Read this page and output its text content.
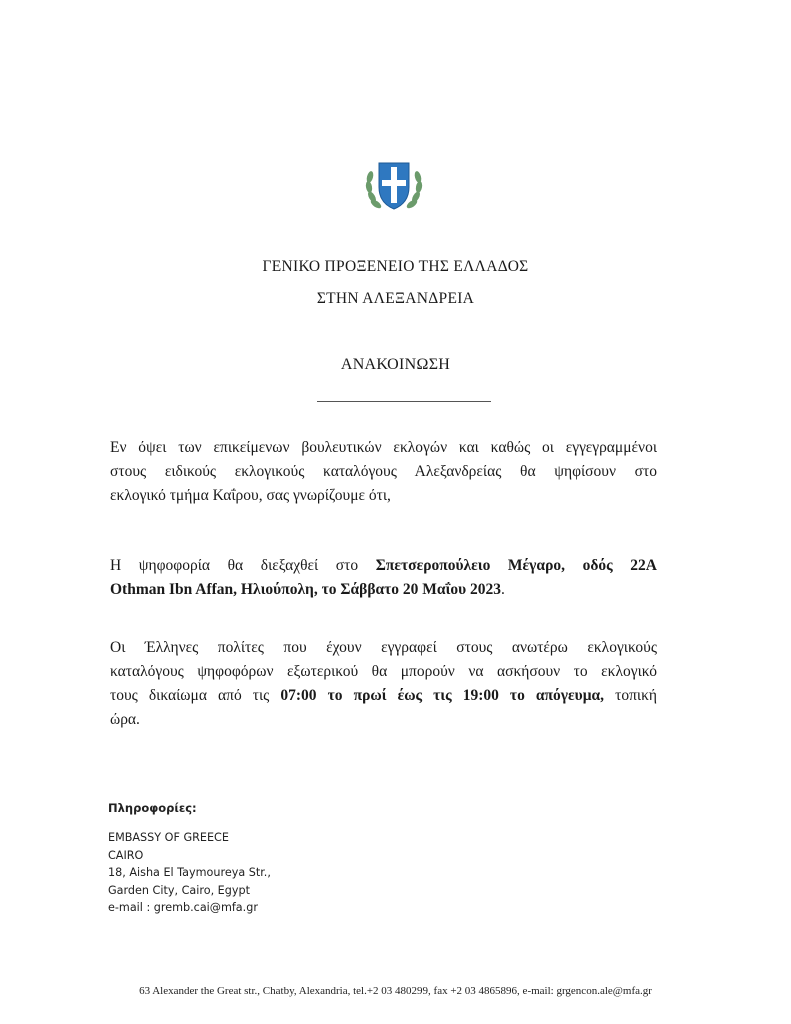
ΓΕΝΙΚΟ ΠΡΟΞΕΝΕΙΟ ΤΗΣ ΕΛΛΑΔΟΣ
ΣΤΗΝ ΑΛΕΞΑΝΔΡΕΙΑ
ΑΝΑΚΟΙΝΩΣΗ

Εν όψει των επικείμενων βουλευτικών εκλογών και καθώς οι εγγεγραμμένοι
στους ειδικούς εκλογικούς καταλόγους Αλεξανδρείας θα ψηφίσουν στο
εκλογικό τμήμα Καΐρου, σας γνωρίζουμε ότι,

Η ψηφοφορία θα διεξαχθεί στο Σπετσεροπούλειο Μέγαρο, οδός 22Α
Othman Ibn Affan, Ηλιούπολη, το Σάββατο 20 Μαΐου 2023.

Οι Έλληνες πολίτες που έχουν εγγραφεί στους ανωτέρω εκλογικούς
καταλόγους ψηφοφόρων εξωτερικού θα μπορούν να ασκήσουν το εκλογικό
τους δικαίωμα από τις 07:00 το πρωί έως τις 19:00 το απόγευμα, τοπική
ώρα.

Πληροφορίες:
EMBASSY OF GREECE
CAIRO
18, Aisha El Taymoureya Str.,
Garden City, Cairo, Egypt
e-mail : gremb.cai@mfa.gr
63 Alexander the Great str., Chatby, Alexandria, tel.+2 03 480299, fax +2 03 4865896, e-mail: grgencon.ale@mfa.gr
